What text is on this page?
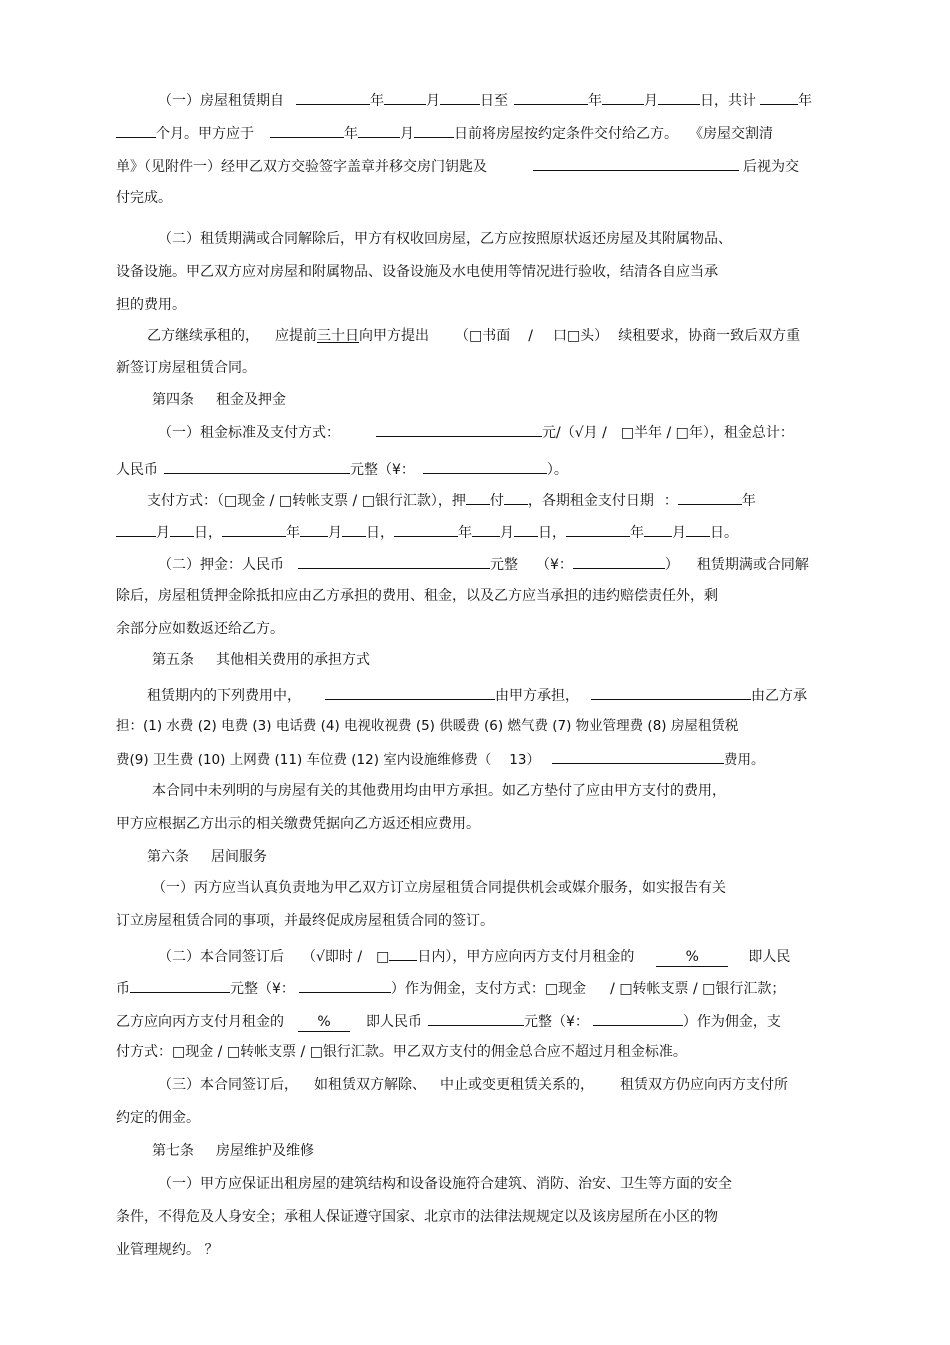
（一）房屋租赁期自	年	月	日至	年	月	日，共计	年
个月。甲方应于	年	月	日前将房屋按约定条件交付给乙方。 《房屋交割清
单》（见附件一）经甲乙双方交验签字盖章并移交房门钥匙及	后视为交
付完成。
（二）租赁期满或合同解除后，甲方有权收回房屋，乙方应按照原状返还房屋及其附属物品、
设备设施。甲乙双方应对房屋和附属物品、设备设施及水电使用等情况进行验收，结清各自应当承
担的费用。
乙方继续承租的， 应提前三十日向甲方提出 （□书面 / 口□头） 续租要求，协商一致后双方重
新签订房屋租赁合同。
第四条 租金及押金
（一）租金标准及支付方式：	元/（√月 / □半年 / □年），租金总计：
人民币	元整（¥：	）。
支付方式：（□现金 / □转帐支票 / □银行汇款），押 付 ，各期租金支付日期 ：	年
月 日，	年 月 日，	年 月 日，	年 月 日。
（二）押金：人民币	元整 （¥：	） 租赁期满或合同解
除后，房屋租赁押金除抵扣应由乙方承担的费用、租金，以及乙方应当承担的违约赔偿责任外，剩
余部分应如数返还给乙方。
第五条 其他相关费用的承担方式
租赁期内的下列费用中，	由甲方承担，	由乙方承
担：(1) 水费 (2) 电费 (3) 电话费 (4) 电视收视费 (5) 供暖费 (6) 燃气费 (7) 物业管理费 (8) 房屋租赁税
费(9) 卫生费 (10) 上网费 (11) 车位费 (12) 室内设施维修费（ 13）	费用。
本合同中未列明的与房屋有关的其他费用均由甲方承担。如乙方垫付了应由甲方支付的费用，
甲方应根据乙方出示的相关缴费凭据向乙方返还相应费用。
第六条 居间服务
（一）丙方应当认真负责地为甲乙双方订立房屋租赁合同提供机会或媒介服务，如实报告有关
订立房屋租赁合同的事项，并最终促成房屋租赁合同的签订。
（二）本合同签订后 （√即时 / □ 日内），甲方应向丙方支付月租金的	%	即人民
币	元整（¥：	）作为佣金，支付方式：□现金 / □转帐支票 / □银行汇款；
乙方应向丙方支付月租金的 %	即人民币	元整（¥：	）作为佣金，支
付方式：□现金 / □转帐支票 / □银行汇款。甲乙双方支付的佣金总合应不超过月租金标准。
（三）本合同签订后， 如租赁双方解除、 中止或变更租赁关系的， 租赁双方仍应向丙方支付所
约定的佣金。
第七条 房屋维护及维修
（一）甲方应保证出租房屋的建筑结构和设备设施符合建筑、消防、治安、卫生等方面的安全
条件，不得危及人身安全；承租人保证遵守国家、北京市的法律法规规定以及该房屋所在小区的物
业管理规约。 ？
